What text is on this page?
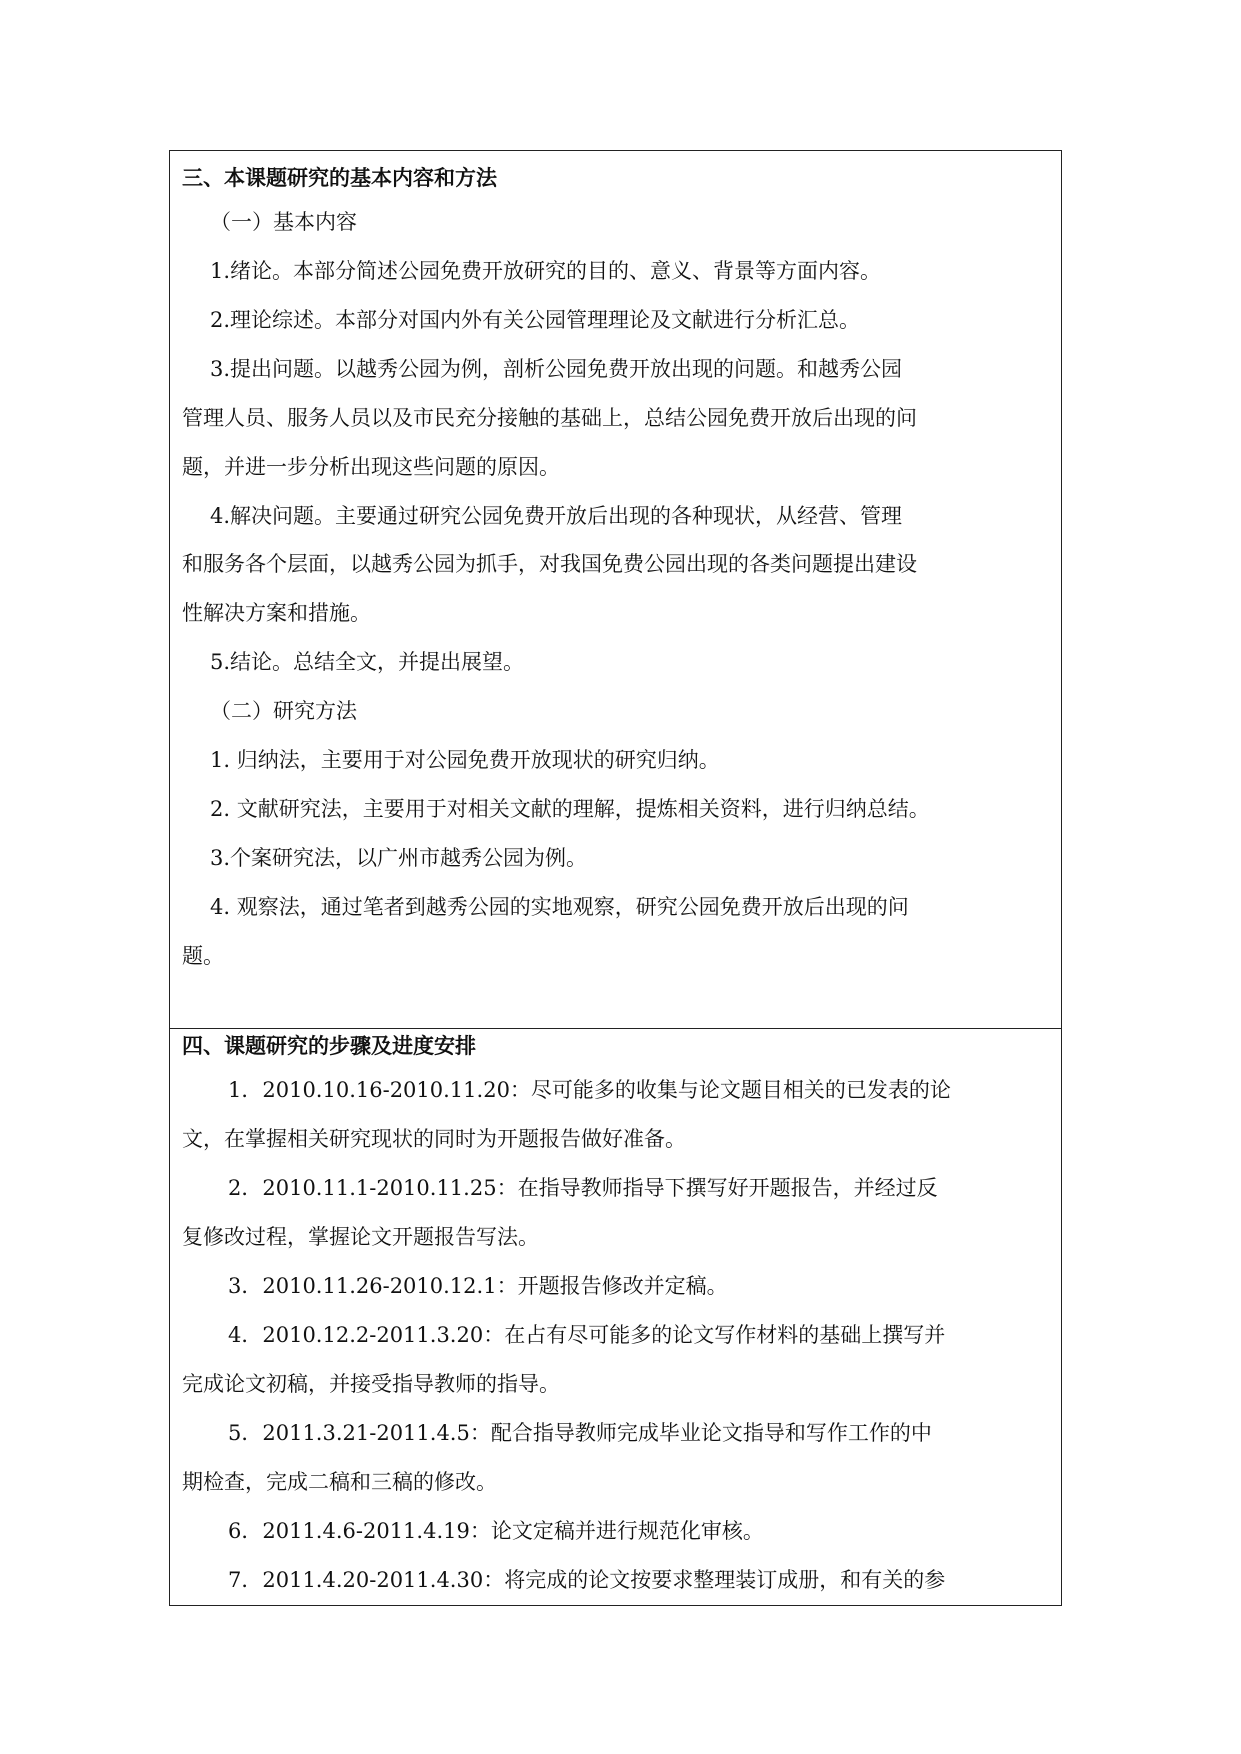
三、本课题研究的基本内容和方法

（一）基本内容

1.绪论。本部分简述公园免费开放研究的目的、意义、背景等方面内容。

2.理论综述。本部分对国内外有关公园管理理论及文献进行分析汇总。

3.提出问题。以越秀公园为例，剖析公园免费开放出现的问题。和越秀公园

管理人员、服务人员以及市民充分接触的基础上，总结公园免费开放后出现的问

题，并进一步分析出现这些问题的原因。

4.解决问题。主要通过研究公园免费开放后出现的各种现状，从经营、管理

和服务各个层面，以越秀公园为抓手，对我国免费公园出现的各类问题提出建设

性解决方案和措施。

5.结论。总结全文，并提出展望。

（二）研究方法

1. 归纳法，主要用于对公园免费开放现状的研究归纳。

2. 文献研究法，主要用于对相关文献的理解，提炼相关资料，进行归纳总结。

3.个案研究法，以广州市越秀公园为例。

4. 观察法，通过笔者到越秀公园的实地观察，研究公园免费开放后出现的问

题。

四、课题研究的步骤及进度安排

1．2010.10.16-2010.11.20：尽可能多的收集与论文题目相关的已发表的论

文，在掌握相关研究现状的同时为开题报告做好准备。

2．2010.11.1-2010.11.25：在指导教师指导下撰写好开题报告，并经过反

复修改过程，掌握论文开题报告写法。

3．2010.11.26-2010.12.1：开题报告修改并定稿。

4．2010.12.2-2011.3.20：在占有尽可能多的论文写作材料的基础上撰写并

完成论文初稿，并接受指导教师的指导。

5．2011.3.21-2011.4.5：配合指导教师完成毕业论文指导和写作工作的中

期检查，完成二稿和三稿的修改。

6．2011.4.6-2011.4.19：论文定稿并进行规范化审核。

7．2011.4.20-2011.4.30：将完成的论文按要求整理装订成册，和有关的参
